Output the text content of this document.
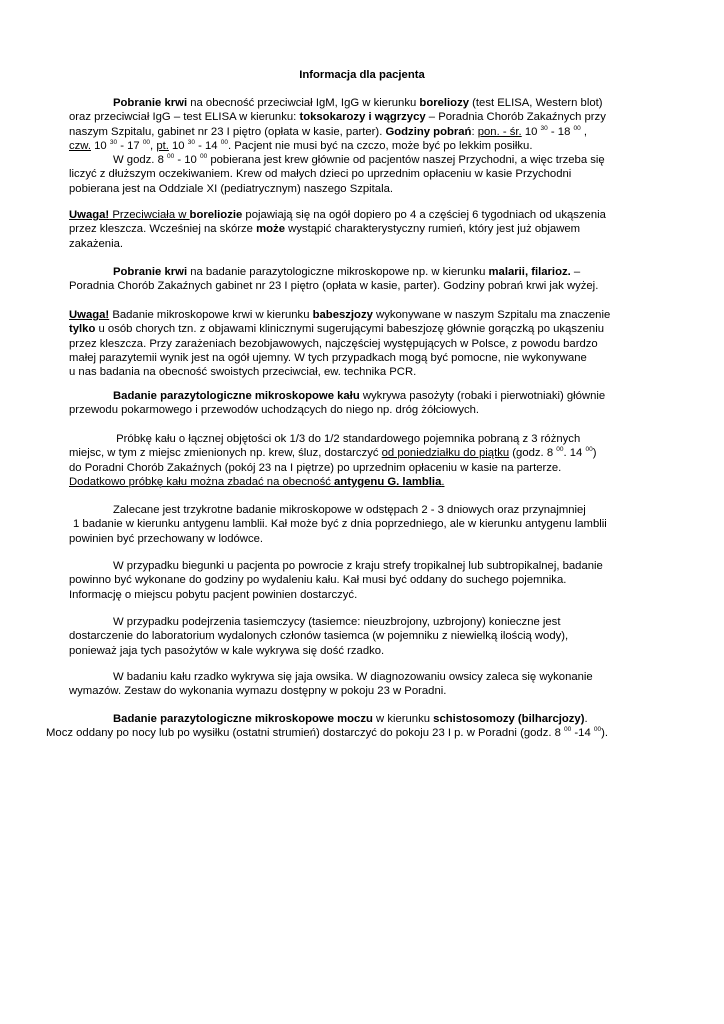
Informacja dla pacjenta
Pobranie krwi na obecność przeciwciał IgM, IgG w kierunku boreliozy (test ELISA, Western blot)
oraz przeciwciał IgG – test ELISA w kierunku: toksokarozy i wągrzycy – Poradnia Chorób Zakaźnych przy
naszym Szpitalu, gabinet nr 23 I piętro (opłata w kasie, parter). Godziny pobrań: pon. - śr. 10 $^{30}$ - 18 $^{00}$ ,
czw. 10 $^{30}$ - 17 $^{00}$, pt. 10 $^{30}$ - 14 $^{00}$. Pacjent nie musi być na czczo, może być po lekkim posiłku.
W godz. 8 $^{00}$ - 10 $^{00}$ pobierana jest krew głównie od pacjentów naszej Przychodni, a więc trzeba się
liczyć z dłuższym oczekiwaniem. Krew od małych dzieci po uprzednim opłaceniu w kasie Przychodni
pobierana jest na Oddziale XI (pediatrycznym) naszego Szpitala.
Uwaga! Przeciwciała w boreliozie pojawiają się na ogół dopiero po 4 a częściej 6 tygodniach od ukąszenia
przez kleszcza. Wcześniej na skórze może wystąpić charakterystyczny rumień, który jest już objawem
zakażenia.
Pobranie krwi na badanie parazytologiczne mikroskopowe np. w kierunku malarii, filarioz. –
Poradnia Chorób Zakaźnych gabinet nr 23 I piętro (opłata w kasie, parter). Godziny pobrań krwi jak wyżej.
Uwaga! Badanie mikroskopowe krwi w kierunku babeszjozy wykonywane w naszym Szpitalu ma znaczenie
tylko u osób chorych tzn. z objawami klinicznymi sugerującymi babeszjozę głównie gorączką po ukąszeniu
przez kleszcza. Przy zarażeniach bezobjawowych, najczęściej występujących w Polsce, z powodu bardzo
małej parazytemii wynik jest na ogół ujemny. W tych przypadkach mogą być pomocne, nie wykonywane
u nas badania na obecność swoistych przeciwciał, ew. technika PCR.
Badanie parazytologiczne mikroskopowe kału wykrywa pasożyty (robaki i pierwotniaki) głównie
przewodu pokarmowego i przewodów uchodzących do niego np. dróg żółciowych.
Próbkę kału o łącznej objętości ok 1/3 do 1/2 standardowego pojemnika pobraną z 3 różnych
miejsc, w tym z miejsc zmienionych np. krew, śluz, dostarczyć od poniedziałku do piątku (godz. 8 $^{00}$. 14 $^{00}$)
do Poradni Chorób Zakaźnych (pokój 23 na I piętrze) po uprzednim opłaceniu w kasie na parterze.
Dodatkowo próbkę kału można zbadać na obecność antygenu G. lamblia.
Zalecane jest trzykrotne badanie mikroskopowe w odstępach 2 - 3 dniowych oraz przynajmniej
1 badanie w kierunku antygenu lamblii. Kał może być z dnia poprzedniego, ale w kierunku antygenu lamblii
powinien być przechowany w lodówce.
W przypadku biegunki u pacjenta po powrocie z kraju strefy tropikalnej lub subtropikalnej, badanie
powinno być wykonane do godziny po wydaleniu kału. Kał musi być oddany do suchego pojemnika.
Informację o miejscu pobytu pacjent powinien dostarczyć.
W przypadku podejrzenia tasiemczycy (tasiemce: nieuzbrojony, uzbrojony) konieczne jest
dostarczenie do laboratorium wydalonych członów tasiemca (w pojemniku z niewielką ilością wody),
ponieważ jaja tych pasożytów w kale wykrywa się dość rzadko.
W badaniu kału rzadko wykrywa się jaja owsika. W diagnozowaniu owsicy zaleca się wykonanie
wymazów. Zestaw do wykonania wymazu dostępny w pokoju 23 w Poradni.
Badanie parazytologiczne mikroskopowe moczu w kierunku schistosomozy (bilharcjozy).
Mocz oddany po nocy lub po wysiłku (ostatni strumień) dostarczyć do pokoju 23 I p. w Poradni (godz. 8 $^{00}$ -14 $^{00}$).
